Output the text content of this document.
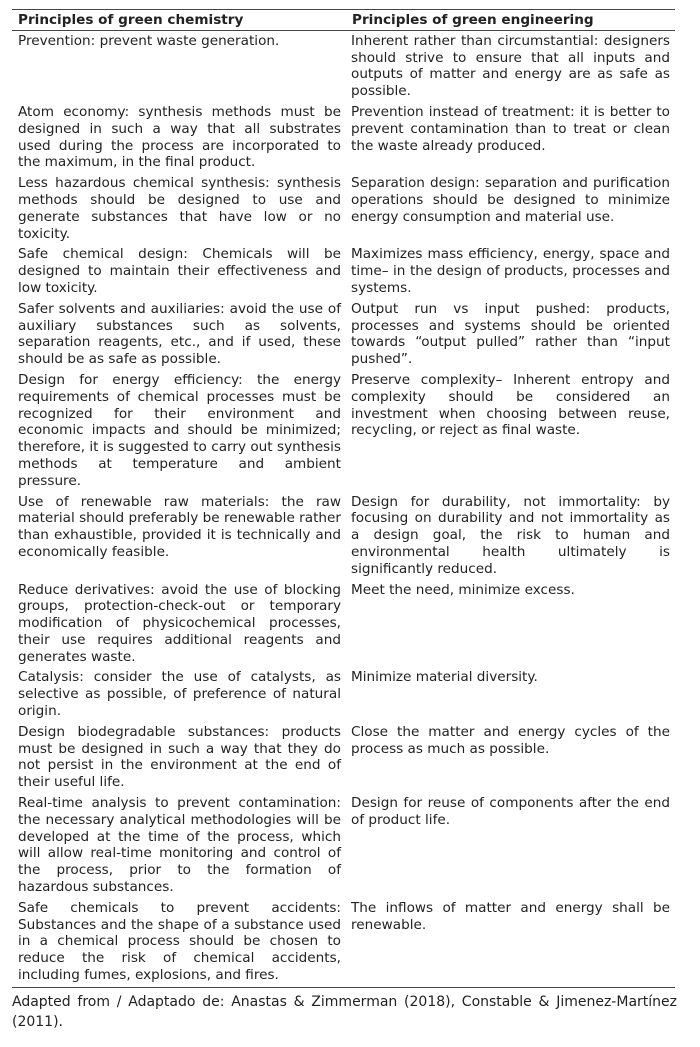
Principles of green chemistry	Principles of green engineering
Prevention: prevent waste generation.	Inherent rather than circumstantial: designers should strive to ensure that all inputs and outputs of matter and energy are as safe as possible.
Atom economy: synthesis methods must be designed in such a way that all substrates used during the process are incorporated to the maximum, in the final product.	Prevention instead of treatment: it is better to prevent contamination than to treat or clean the waste already produced.
Less hazardous chemical synthesis: synthesis methods should be designed to use and generate substances that have low or no toxicity.	Separation design: separation and purification operations should be designed to minimize energy consumption and material use.
Safe chemical design: Chemicals will be designed to maintain their effectiveness and low toxicity.	Maximizes mass efficiency, energy, space and time– in the design of products, processes and systems.
Safer solvents and auxiliaries: avoid the use of auxiliary substances such as solvents, separation reagents, etc., and if used, these should be as safe as possible.	Output run vs input pushed: products, processes and systems should be oriented towards “output pulled” rather than “input pushed”.
Design for energy efficiency: the energy requirements of chemical processes must be recognized for their environment and economic impacts and should be minimized; therefore, it is suggested to carry out synthesis methods at temperature and ambient pressure.	Preserve complexity– Inherent entropy and complexity should be considered an investment when choosing between reuse, recycling, or reject as final waste.
Use of renewable raw materials: the raw material should preferably be renewable rather than exhaustible, provided it is technically and economically feasible.	Design for durability, not immortality: by focusing on durability and not immortality as a design goal, the risk to human and environmental health ultimately is significantly reduced.
Reduce derivatives: avoid the use of blocking groups, protection-check-out or temporary modification of physicochemical processes, their use requires additional reagents and generates waste.	Meet the need, minimize excess.
Catalysis: consider the use of catalysts, as selective as possible, of preference of natural origin.	Minimize material diversity.
Design biodegradable substances: products must be designed in such a way that they do not persist in the environment at the end of their useful life.	Close the matter and energy cycles of the process as much as possible.
Real-time analysis to prevent contamination: the necessary analytical methodologies will be developed at the time of the process, which will allow real-time monitoring and control of the process, prior to the formation of hazardous substances.	Design for reuse of components after the end of product life.
Safe chemicals to prevent accidents: Substances and the shape of a substance used in a chemical process should be chosen to reduce the risk of chemical accidents, including fumes, explosions, and fires.	The inflows of matter and energy shall be renewable.
Adapted from / Adaptado de: Anastas & Zimmerman (2018), Constable & Jimenez-Martínez (2011).
